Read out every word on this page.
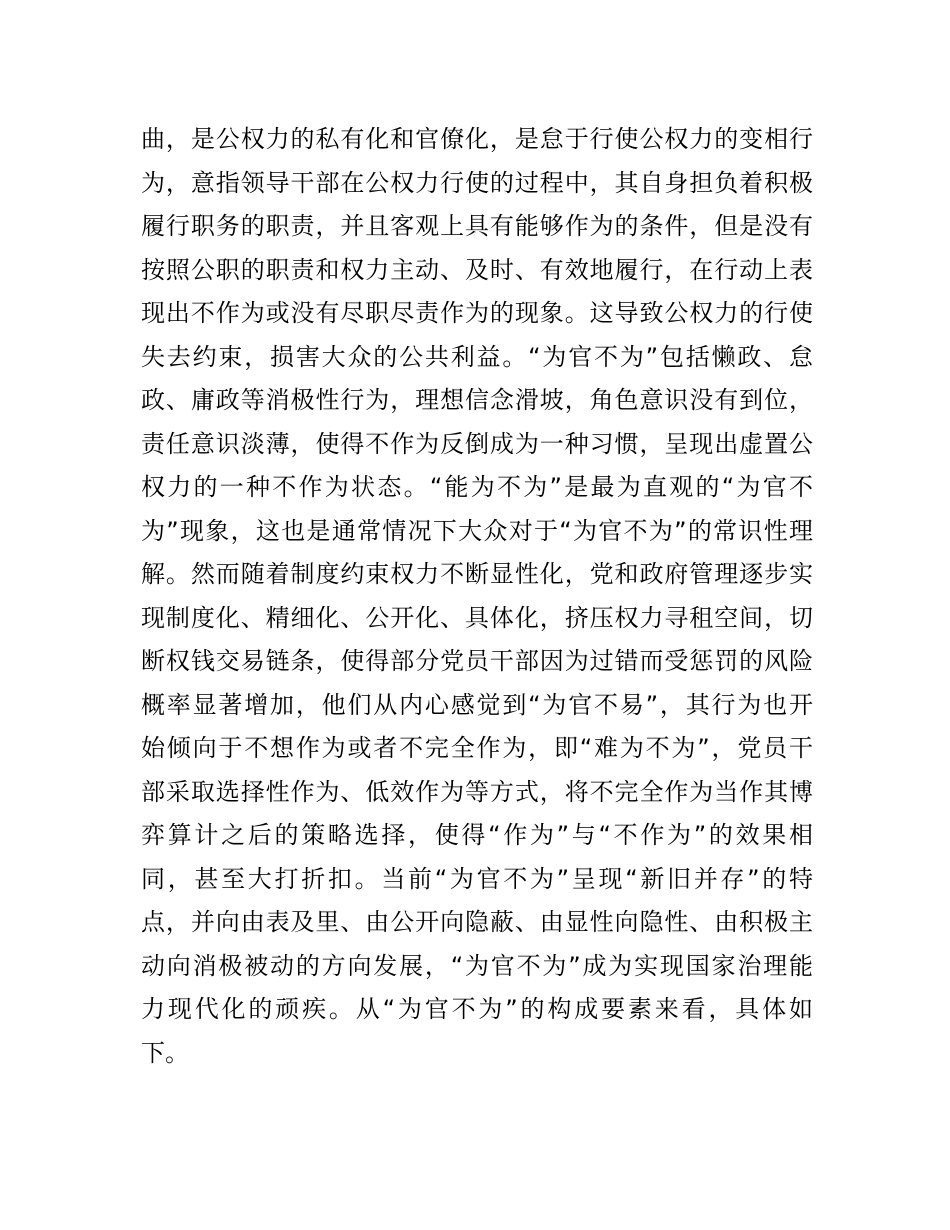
曲，是公权力的私有化和官僚化，是怠于行使公权力的变相行
为，意指领导干部在公权力行使的过程中，其自身担负着积极
履行职务的职责，并且客观上具有能够作为的条件，但是没有
按照公职的职责和权力主动、及时、有效地履行，在行动上表
现出不作为或没有尽职尽责作为的现象。这导致公权力的行使
失去约束，损害大众的公共利益。“为官不为”包括懒政、怠
政、庸政等消极性行为，理想信念滑坡，角色意识没有到位，
责任意识淡薄，使得不作为反倒成为一种习惯，呈现出虚置公
权力的一种不作为状态。“能为不为”是最为直观的“为官不
为”现象，这也是通常情况下大众对于“为官不为”的常识性理
解。然而随着制度约束权力不断显性化，党和政府管理逐步实
现制度化、精细化、公开化、具体化，挤压权力寻租空间，切
断权钱交易链条，使得部分党员干部因为过错而受惩罚的风险
概率显著增加，他们从内心感觉到“为官不易”，其行为也开
始倾向于不想作为或者不完全作为，即“难为不为”，党员干
部采取选择性作为、低效作为等方式，将不完全作为当作其博
弈算计之后的策略选择，使得“作为”与“不作为”的效果相
同，甚至大打折扣。当前“为官不为”呈现“新旧并存”的特
点，并向由表及里、由公开向隐蔽、由显性向隐性、由积极主
动向消极被动的方向发展，“为官不为”成为实现国家治理能
力现代化的顽疾。从“为官不为”的构成要素来看，具体如
下。
